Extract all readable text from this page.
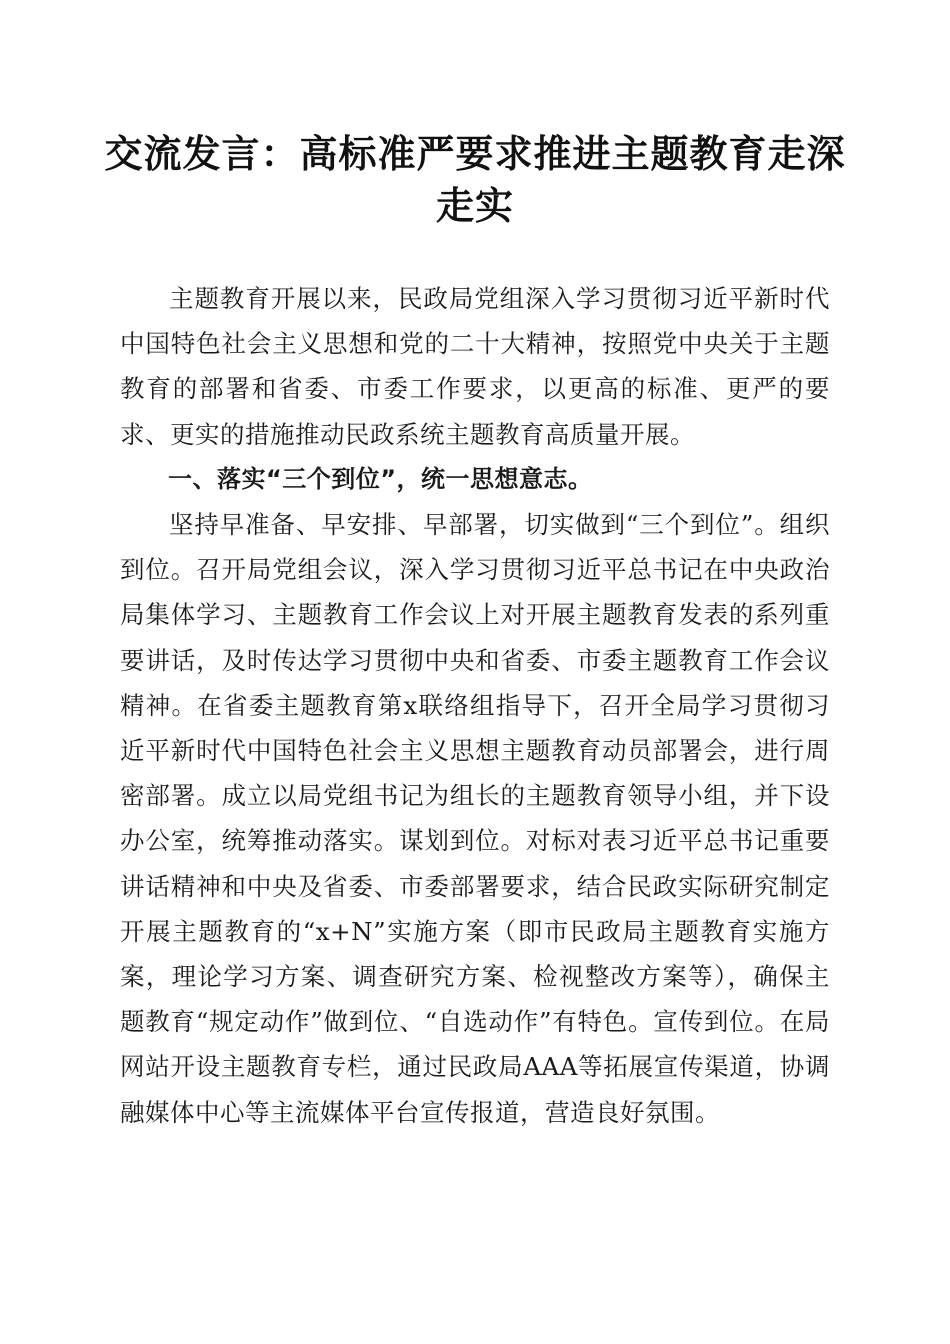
交流发言：高标准严要求推进主题教育走深走实

主题教育开展以来，民政局党组深入学习贯彻习近平新时代中国特色社会主义思想和党的二十大精神，按照党中央关于主题教育的部署和省委、市委工作要求，以更高的标准、更严的要求、更实的措施推动民政系统主题教育高质量开展。

一、落实“三个到位”，统一思想意志。

坚持早准备、早安排、早部署，切实做到“三个到位”。组织到位。召开局党组会议，深入学习贯彻习近平总书记在中央政治局集体学习、主题教育工作会议上对开展主题教育发表的系列重要讲话，及时传达学习贯彻中央和省委、市委主题教育工作会议精神。在省委主题教育第x联络组指导下，召开全局学习贯彻习近平新时代中国特色社会主义思想主题教育动员部署会，进行周密部署。成立以局党组书记为组长的主题教育领导小组，并下设办公室，统筹推动落实。谋划到位。对标对表习近平总书记重要讲话精神和中央及省委、市委部署要求，结合民政实际研究制定开展主题教育的“x+N”实施方案（即市民政局主题教育实施方案，理论学习方案、调查研究方案、检视整改方案等），确保主题教育“规定动作”做到位、“自选动作”有特色。宣传到位。在局网站开设主题教育专栏，通过民政局AAA等拓展宣传渠道，协调融媒体中心等主流媒体平台宣传报道，营造良好氛围。
